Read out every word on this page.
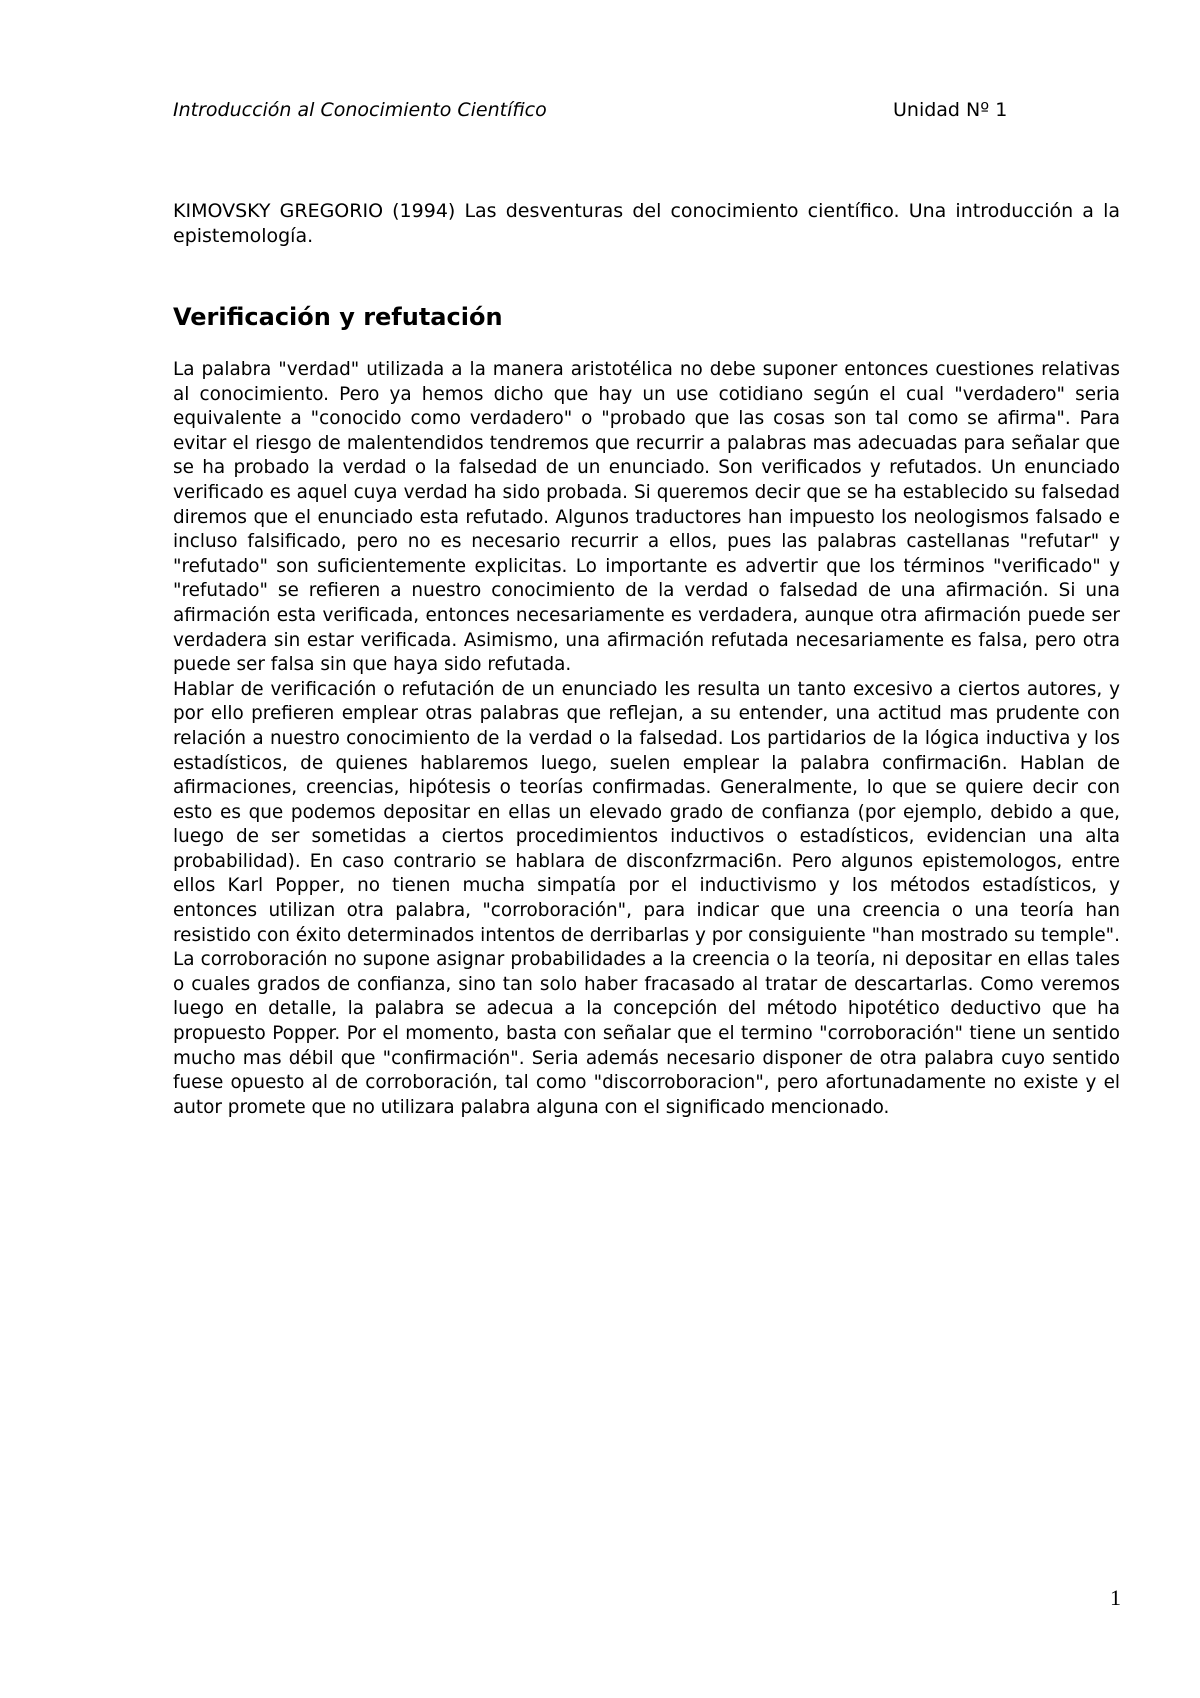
Introducción al Conocimiento Científico	Unidad Nº 1

KIMOVSKY GREGORIO (1994) Las desventuras del conocimiento científico. Una introducción a la epistemología.

Verificación y refutación

La palabra "verdad" utilizada a la manera aristotélica no debe suponer entonces cuestiones relativas al conocimiento. Pero ya hemos dicho que hay un use cotidiano según el cual "verdadero" seria equivalente a "conocido como verdadero" o "probado que las cosas son tal como se afirma". Para evitar el riesgo de malentendidos tendremos que recurrir a palabras mas adecuadas para señalar que se ha probado la verdad o la falsedad de un enunciado. Son verificados y refutados. Un enunciado verificado es aquel cuya verdad ha sido probada. Si queremos decir que se ha establecido su falsedad diremos que el enunciado esta refutado. Algunos traductores han impuesto los neologismos falsado e incluso falsificado, pero no es necesario recurrir a ellos, pues las palabras castellanas "refutar" y "refutado" son suficientemente explicitas. Lo importante es advertir que los términos "verificado" y "refutado" se refieren a nuestro conocimiento de la verdad o falsedad de una afirmación. Si una afirmación esta verificada, entonces necesariamente es verdadera, aunque otra afirmación puede ser verdadera sin estar verificada. Asimismo, una afirmación refutada necesariamente es falsa, pero otra puede ser falsa sin que haya sido refutada.

Hablar de verificación o refutación de un enunciado les resulta un tanto excesivo a ciertos autores, y por ello prefieren emplear otras palabras que reflejan, a su entender, una actitud mas prudente con relación a nuestro conocimiento de la verdad o la falsedad. Los partidarios de la lógica inductiva y los estadísticos, de quienes hablaremos luego, suelen emplear la palabra confirmaci6n. Hablan de afirmaciones, creencias, hipótesis o teorías confirmadas. Generalmente, lo que se quiere decir con esto es que podemos depositar en ellas un elevado grado de confianza (por ejemplo, debido a que, luego de ser sometidas a ciertos procedimientos inductivos o estadísticos, evidencian una alta probabilidad). En caso contrario se hablara de disconfzrmaci6n. Pero algunos epistemologos, entre ellos Karl Popper, no tienen mucha simpatía por el inductivismo y los métodos estadísticos, y entonces utilizan otra palabra, "corroboración", para indicar que una creencia o una teoría han resistido con éxito determinados intentos de derribarlas y por consiguiente "han mostrado su temple". La corroboración no supone asignar probabilidades a la creencia o la teoría, ni depositar en ellas tales o cuales grados de confianza, sino tan solo haber fracasado al tratar de descartarlas. Como veremos luego en detalle, la palabra se adecua a la concepción del método hipotético deductivo que ha propuesto Popper. Por el momento, basta con señalar que el termino "corroboración" tiene un sentido mucho mas débil que "confirmación". Seria además necesario disponer de otra palabra cuyo sentido fuese opuesto al de corroboración, tal como "discorroboracion", pero afortunadamente no existe y el autor promete que no utilizara palabra alguna con el significado mencionado.

1
